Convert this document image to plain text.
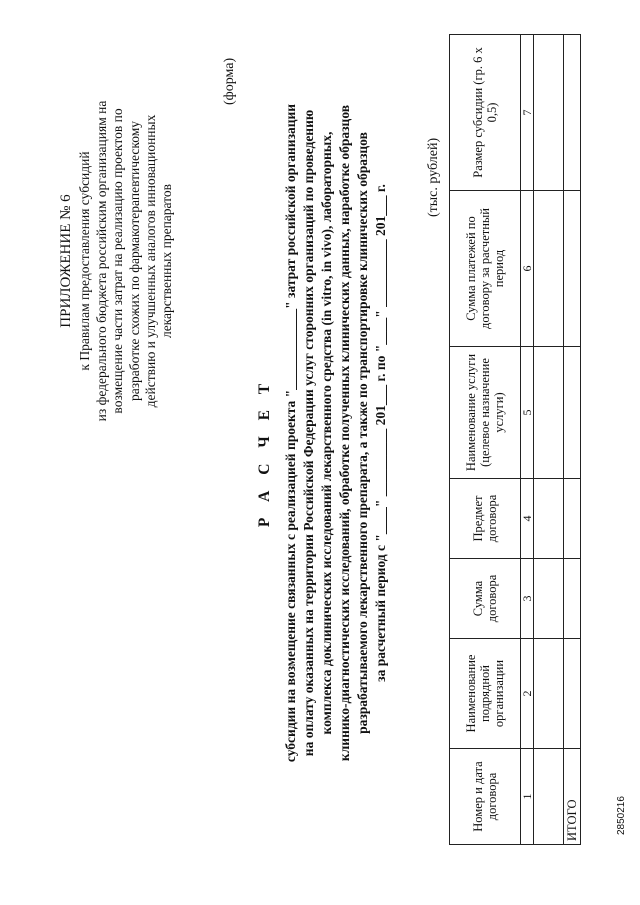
ПРИЛОЖЕНИЕ № 6 к Правилам предоставления субсидий из федерального бюджета российским организациям на возмещение части затрат на реализацию проектов по разработке схожих по фармакотерапевтическому действию и улучшенных аналогов инновационных лекарственных препаратов
(форма)
Р А С Ч Е Т субсидии на возмещение связанных с реализацией проекта "____________" затрат российской организации на оплату оказанных на территории Российской Федерации услуг сторонних организаций по проведению комплекса доклинических исследований лекарственного средства (in vitro, in vivo), лабораторных, клинико-диагностических исследований, обработке полученных клинических данных, наработке образцов разрабатываемого лекарственного препарата, а также по транспортировке клинических образцов за расчетный период с "____" __________ 201___ г. по "____" __________ 201___ г.
(тыс. рублей)
Номер и дата договора	Наименование подрядной организации	Сумма договора	Предмет договора	Наименование услуги (целевое назначение услуги)	Сумма платежей по договору за расчетный период	Размер субсидии (гр. 6 x 0,5)
1	2	3	4	5	6	7

ИТОГО							2850216
